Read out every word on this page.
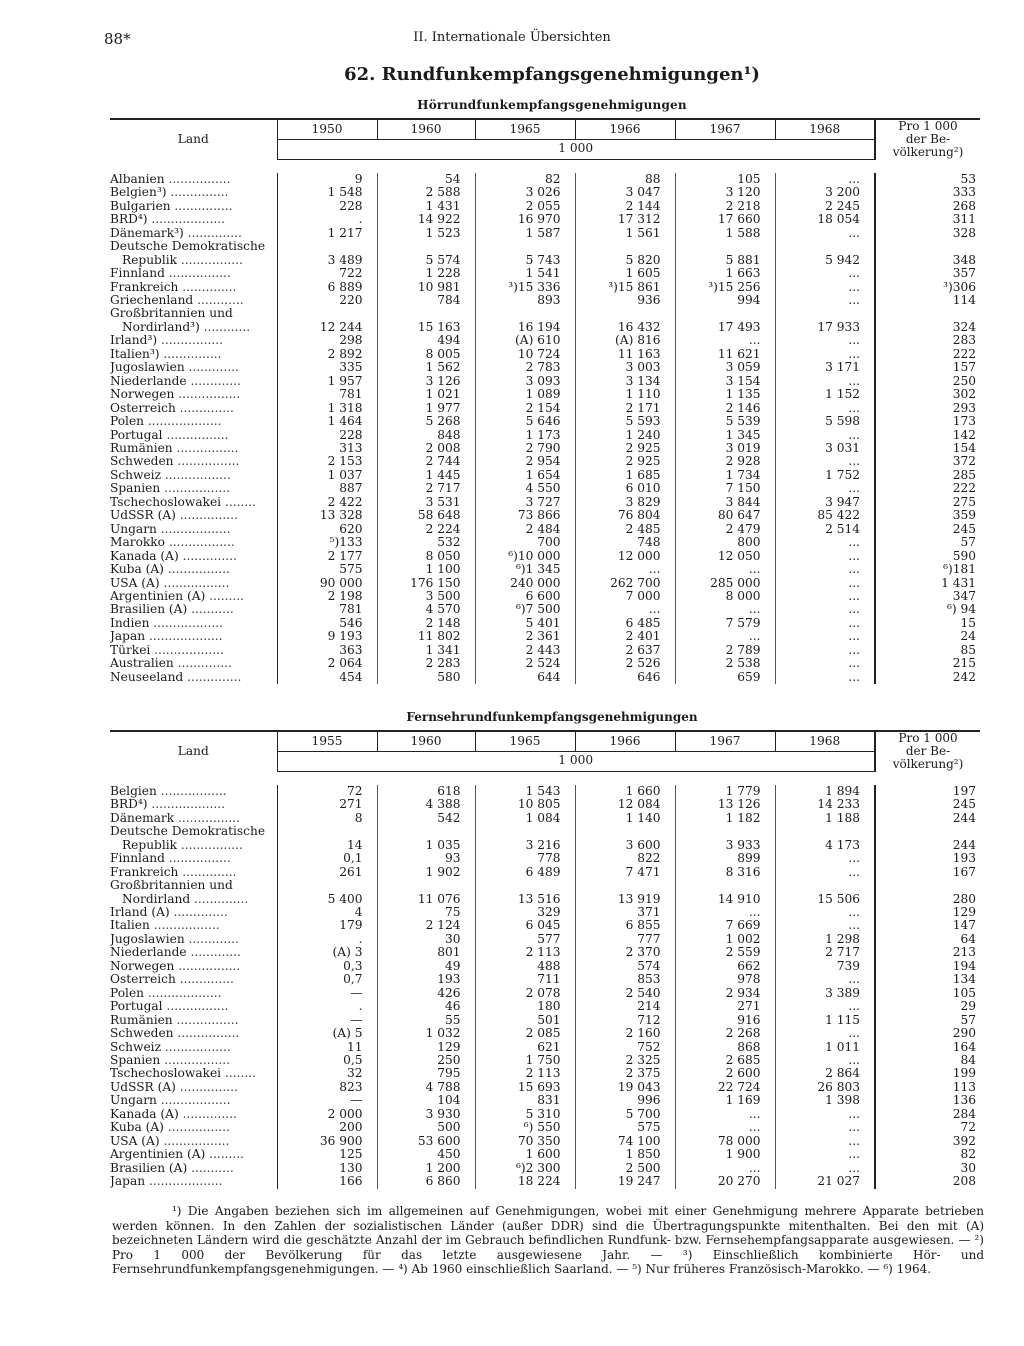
88*	II. Internationale Übersichten
62. Rundfunkempfangsgenehmigungen¹)
Hörrundfunkempfangsgenehmigungen
Land	1950	1960	1965	1966	1967	1968	Pro 1 000
der Be-
völkerung²)

	1 000						

Albanien ................	9	54	82	88	105	...	53
Belgien³) ...............	1 548	2 588	3 026	3 047	3 120	3 200	333
Bulgarien ...............	228	1 431	2 055	2 144	2 218	2 245	268
BRD⁴) ...................	.	14 922	16 970	17 312	17 660	18 054	311
Dänemark³) ..............	1 217	1 523	1 587	1 561	1 588	...	328
Deutsche Demokratische							
Republik ................	3 489	5 574	5 743	5 820	5 881	5 942	348
Finnland ................	722	1 228	1 541	1 605	1 663	...	357
Frankreich ..............	6 889	10 981	³)15 336	³)15 861	³)15 256	...	³)306
Griechenland ............	220	784	893	936	994	...	114
Großbritannien und							
Nordirland³) ............	12 244	15 163	16 194	16 432	17 493	17 933	324
Irland³) ................	298	494	(A) 610	(A) 816	...	...	283
Italien³) ...............	2 892	8 005	10 724	11 163	11 621	...	222
Jugoslawien .............	335	1 562	2 783	3 003	3 059	3 171	157
Niederlande .............	1 957	3 126	3 093	3 134	3 154	...	250
Norwegen ................	781	1 021	1 089	1 110	1 135	1 152	302
Österreich ..............	1 318	1 977	2 154	2 171	2 146	...	293
Polen ...................	1 464	5 268	5 646	5 593	5 539	5 598	173
Portugal ................	228	848	1 173	1 240	1 345	...	142
Rumänien ................	313	2 008	2 790	2 925	3 019	3 031	154
Schweden ................	2 153	2 744	2 954	2 925	2 928	...	372
Schweiz .................	1 037	1 445	1 654	1 685	1 734	1 752	285
Spanien .................	887	2 717	4 550	6 010	7 150	...	222
Tschechoslowakei ........	2 422	3 531	3 727	3 829	3 844	3 947	275
UdSSR (A) ...............	13 328	58 648	73 866	76 804	80 647	85 422	359
Ungarn ..................	620	2 224	2 484	2 485	2 479	2 514	245
Marokko .................	⁵)133	532	700	748	800	...	57
Kanada (A) ..............	2 177	8 050	⁶)10 000	12 000	12 050	...	590
Kuba (A) ................	575	1 100	⁶)1 345	...	...	...	⁶)181
USA (A) .................	90 000	176 150	240 000	262 700	285 000	...	1 431
Argentinien (A) .........	2 198	3 500	6 600	7 000	8 000	...	347
Brasilien (A) ...........	781	4 570	⁶)7 500	...	...	...	⁶) 94
Indien ..................	546	2 148	5 401	6 485	7 579	...	15
Japan ...................	9 193	11 802	2 361	2 401	...	...	24
Türkei ..................	363	1 341	2 443	2 637	2 789	...	85
Australien ..............	2 064	2 283	2 524	2 526	2 538	...	215
Neuseeland ..............	454	580	644	646	659	...	242
Fernsehrundfunkempfangsgenehmigungen
Land	1955	1960	1965	1966	1967	1968	Pro 1 000
der Be-
völkerung²)

	1 000						

Belgien .................	72	618	1 543	1 660	1 779	1 894	197
BRD⁴) ...................	271	4 388	10 805	12 084	13 126	14 233	245
Dänemark ................	8	542	1 084	1 140	1 182	1 188	244
Deutsche Demokratische							
Republik ................	14	1 035	3 216	3 600	3 933	4 173	244
Finnland ................	0,1	93	778	822	899	...	193
Frankreich ..............	261	1 902	6 489	7 471	8 316	...	167
Großbritannien und							
Nordirland ..............	5 400	11 076	13 516	13 919	14 910	15 506	280
Irland (A) ..............	4	75	329	371	...	...	129
Italien .................	179	2 124	6 045	6 855	7 669	...	147
Jugoslawien .............	.	30	577	777	1 002	1 298	64
Niederlande .............	(A) 3	801	2 113	2 370	2 559	2 717	213
Norwegen ................	0,3	49	488	574	662	739	194
Österreich ..............	0,7	193	711	853	978	...	134
Polen ...................	—	426	2 078	2 540	2 934	3 389	105
Portugal ................	.	46	180	214	271	...	29
Rumänien ................	—	55	501	712	916	1 115	57
Schweden ................	(A) 5	1 032	2 085	2 160	2 268	...	290
Schweiz .................	11	129	621	752	868	1 011	164
Spanien .................	0,5	250	1 750	2 325	2 685	...	84
Tschechoslowakei ........	32	795	2 113	2 375	2 600	2 864	199
UdSSR (A) ...............	823	4 788	15 693	19 043	22 724	26 803	113
Ungarn ..................	—	104	831	996	1 169	1 398	136
Kanada (A) ..............	2 000	3 930	5 310	5 700	...	...	284
Kuba (A) ................	200	500	⁶) 550	575	...	...	72
USA (A) .................	36 900	53 600	70 350	74 100	78 000	...	392
Argentinien (A) .........	125	450	1 600	1 850	1 900	...	82
Brasilien (A) ...........	130	1 200	⁶)2 300	2 500	...	...	30
Japan ...................	166	6 860	18 224	19 247	20 270	21 027	208

¹) Die Angaben beziehen sich im allgemeinen auf Genehmigungen, wobei mit einer Genehmigung mehrere Apparate betrieben werden können. In den Zahlen der sozialistischen Länder (außer DDR) sind die Übertragungspunkte mitenthalten. Bei den mit (A) bezeichneten Ländern wird die geschätzte Anzahl der im Gebrauch befindlichen Rundfunk- bzw. Fernsehempfangsapparate ausgewiesen. — ²) Pro 1 000 der Bevölkerung für das letzte ausgewiesene Jahr. — ³) Einschließlich kombinierte Hör- und Fernsehrundfunkempfangsgenehmigungen. — ⁴) Ab 1960 einschließlich Saarland. — ⁵) Nur früheres Französisch-Marokko. — ⁶) 1964.
